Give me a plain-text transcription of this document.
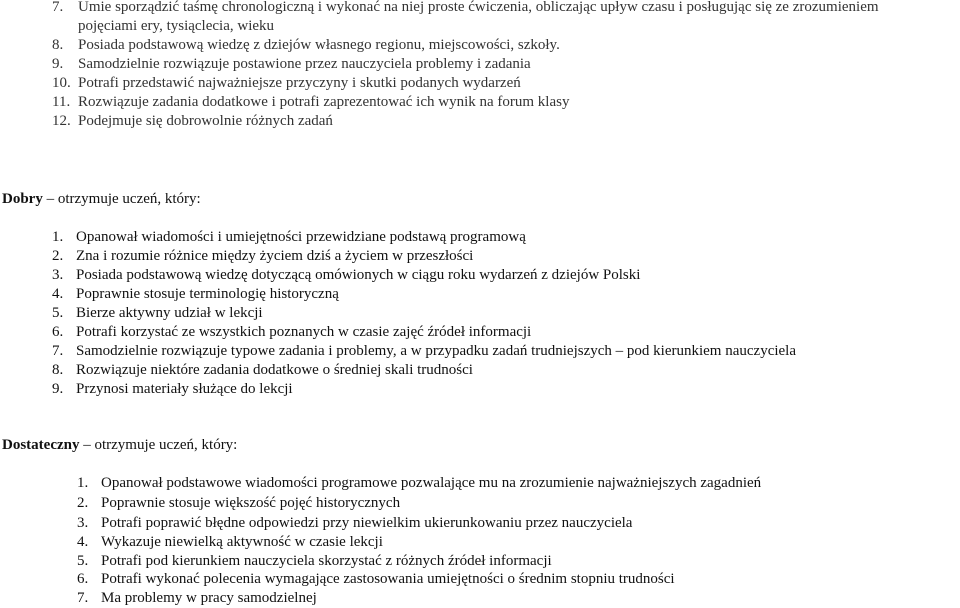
7. Umie sporządzić taśmę chronologiczną i wykonać na niej proste ćwiczenia, obliczając upływ czasu i posługując się ze zrozumieniem
pojęciami ery, tysiąclecia, wieku
8. Posiada podstawową wiedzę z dziejów własnego regionu, miejscowości, szkoły.
9. Samodzielnie rozwiązuje postawione przez nauczyciela problemy i zadania
10. Potrafi przedstawić najważniejsze przyczyny i skutki podanych wydarzeń
11. Rozwiązuje zadania dodatkowe i potrafi zaprezentować ich wynik na forum klasy
12. Podejmuje się dobrowolnie różnych zadań
Dobry – otrzymuje uczeń, który:
1. Opanował wiadomości i umiejętności przewidziane podstawą programową
2. Zna i rozumie różnice między życiem dziś a życiem w przeszłości
3. Posiada podstawową wiedzę dotyczącą omówionych w ciągu roku wydarzeń z dziejów Polski
4. Poprawnie stosuje terminologię historyczną
5. Bierze aktywny udział w lekcji
6. Potrafi korzystać ze wszystkich poznanych w czasie zajęć źródeł informacji
7. Samodzielnie rozwiązuje typowe zadania i problemy, a w przypadku zadań trudniejszych – pod kierunkiem nauczyciela
8. Rozwiązuje niektóre zadania dodatkowe o średniej skali trudności
9. Przynosi materiały służące do lekcji
Dostateczny – otrzymuje uczeń, który:
1. Opanował podstawowe wiadomości programowe pozwalające mu na zrozumienie najważniejszych zagadnień
2. Poprawnie stosuje większość pojęć historycznych
3. Potrafi poprawić błędne odpowiedzi przy niewielkim ukierunkowaniu przez nauczyciela
4. Wykazuje niewielką aktywność w czasie lekcji
5. Potrafi pod kierunkiem nauczyciela skorzystać z różnych źródeł informacji
6. Potrafi wykonać polecenia wymagające zastosowania umiejętności o średnim stopniu trudności
7. Ma problemy w pracy samodzielnej
